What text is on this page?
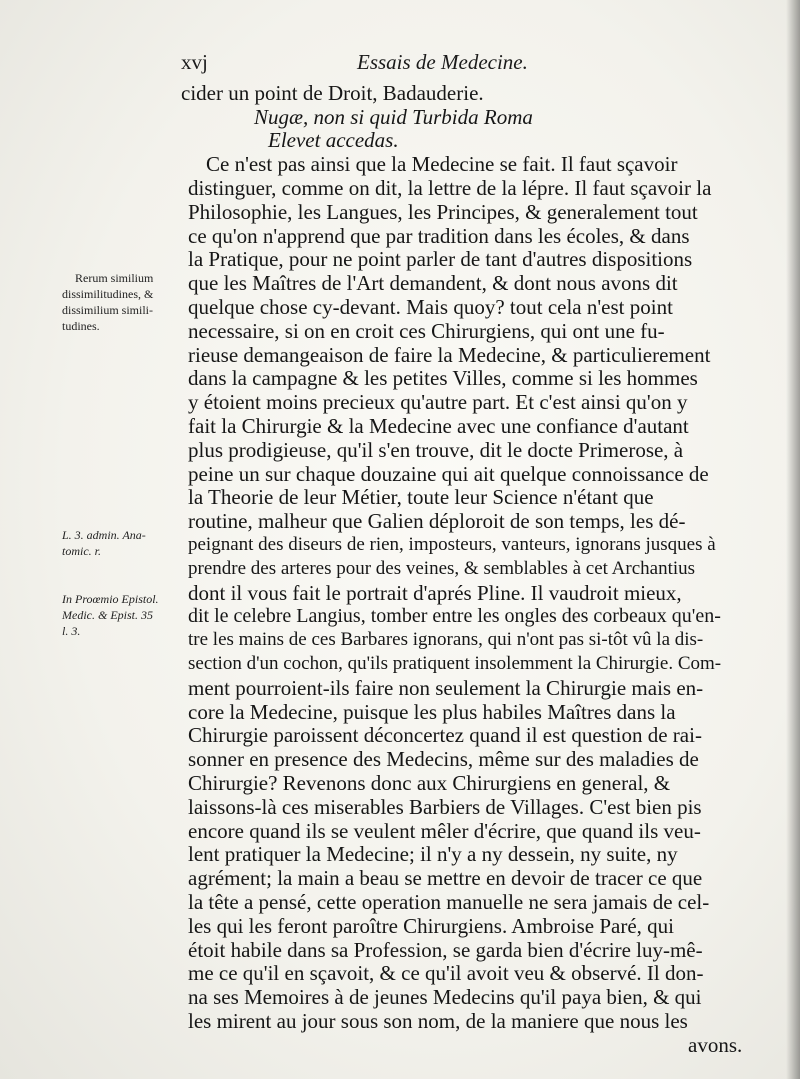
xvj	Essais de Medecine.
cider un point de Droit, Badauderie.
Nugæ, non si quid Turbida Roma
Elevet accedas.
Ce n'est pas ainsi que la Medecine se fait. Il faut sçavoir
distinguer, comme on dit, la lettre de la lépre. Il faut sçavoir la
Philosophie, les Langues, les Principes, & generalement tout
ce qu'on n'apprend que par tradition dans les écoles, & dans
la Pratique, pour ne point parler de tant d'autres dispositions
que les Maîtres de l'Art demandent, & dont nous avons dit
quelque chose cy-devant. Mais quoy? tout cela n'est point
necessaire, si on en croit ces Chirurgiens, qui ont une fu-
rieuse demangeaison de faire la Medecine, & particulierement
dans la campagne & les petites Villes, comme si les hommes
y étoient moins precieux qu'autre part. Et c'est ainsi qu'on y
fait la Chirurgie & la Medecine avec une confiance d'autant
plus prodigieuse, qu'il s'en trouve, dit le docte Primerose, à
peine un sur chaque douzaine qui ait quelque connoissance de
la Theorie de leur Métier, toute leur Science n'étant que
routine, malheur que Galien déploroit de son temps, les dé-
peignant des diseurs de rien, imposteurs, vanteurs, ignorans jusques à
prendre des arteres pour des veines, & semblables à cet Archantius
dont il vous fait le portrait d'aprés Pline. Il vaudroit mieux,
dit le celebre Langius, tomber entre les ongles des corbeaux qu'en-
tre les mains de ces Barbares ignorans, qui n'ont pas si-tôt vû la dis-
section d'un cochon, qu'ils pratiquent insolemment la Chirurgie. Com-
ment pourroient-ils faire non seulement la Chirurgie mais en-
core la Medecine, puisque les plus habiles Maîtres dans la
Chirurgie paroissent déconcertez quand il est question de rai-
sonner en presence des Medecins, même sur des maladies de
Chirurgie? Revenons donc aux Chirurgiens en general, &
laissons-là ces miserables Barbiers de Villages. C'est bien pis
encore quand ils se veulent mêler d'écrire, que quand ils veu-
lent pratiquer la Medecine; il n'y a ny dessein, ny suite, ny
agrément; la main a beau se mettre en devoir de tracer ce que
la tête a pensé, cette operation manuelle ne sera jamais de cel-
les qui les feront paroître Chirurgiens. Ambroise Paré, qui
étoit habile dans sa Profession, se garda bien d'écrire luy-mê-
me ce qu'il en sçavoit, & ce qu'il avoit veu & observé. Il don-
na ses Memoires à de jeunes Medecins qu'il paya bien, & qui
les mirent au jour sous son nom, de la maniere que nous les
avons.
Rerum similium
dissimilitudines, &
dissimilium simili-
tudines.
L. 3. admin. Ana-
tomic. r.
In Proœmio Epistol.
Medic. & Epist. 35
l. 3.
